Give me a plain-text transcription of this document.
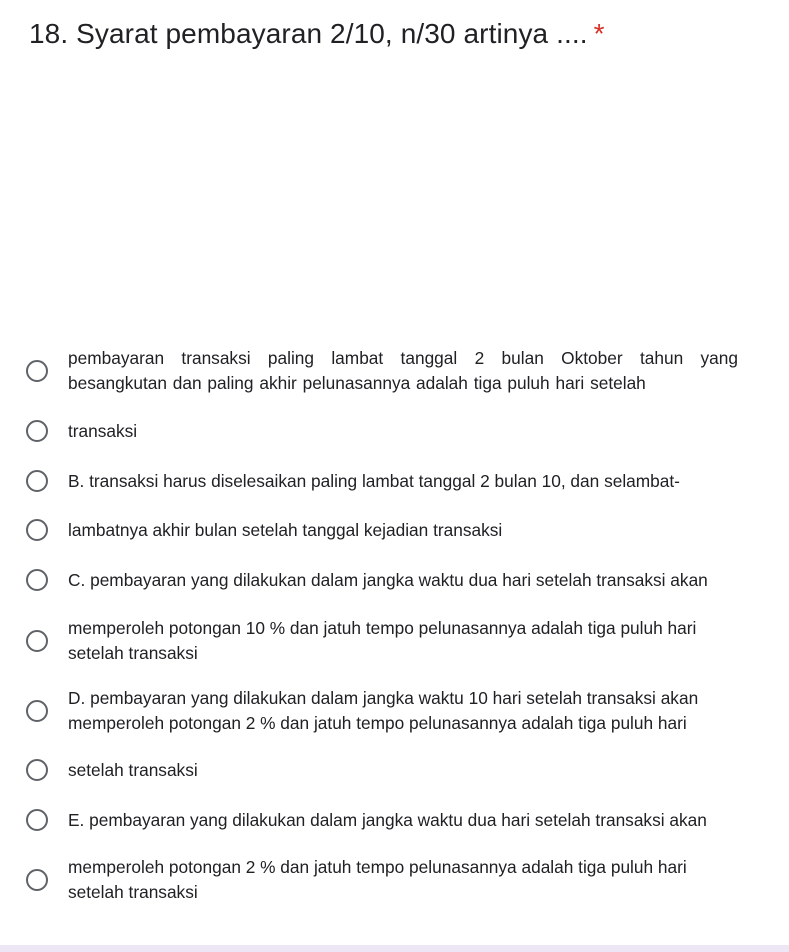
18. Syarat pembayaran 2/10, n/30 artinya .... *
pembayaran transaksi paling lambat tanggal 2 bulan Oktober tahun yang besangkutan dan paling akhir pelunasannya adalah tiga puluh hari setelah
transaksi
B. transaksi harus diselesaikan paling lambat tanggal 2 bulan 10, dan selambat-
lambatnya akhir bulan setelah tanggal kejadian transaksi
C. pembayaran yang dilakukan dalam jangka waktu dua hari setelah transaksi akan
memperoleh potongan 10 % dan jatuh tempo pelunasannya adalah tiga puluh hari setelah transaksi
D. pembayaran yang dilakukan dalam jangka waktu 10 hari setelah transaksi akan memperoleh potongan 2 % dan jatuh tempo pelunasannya adalah tiga puluh hari
setelah transaksi
E. pembayaran yang dilakukan dalam jangka waktu dua hari setelah transaksi akan
memperoleh potongan 2 % dan jatuh tempo pelunasannya adalah tiga puluh hari setelah transaksi
